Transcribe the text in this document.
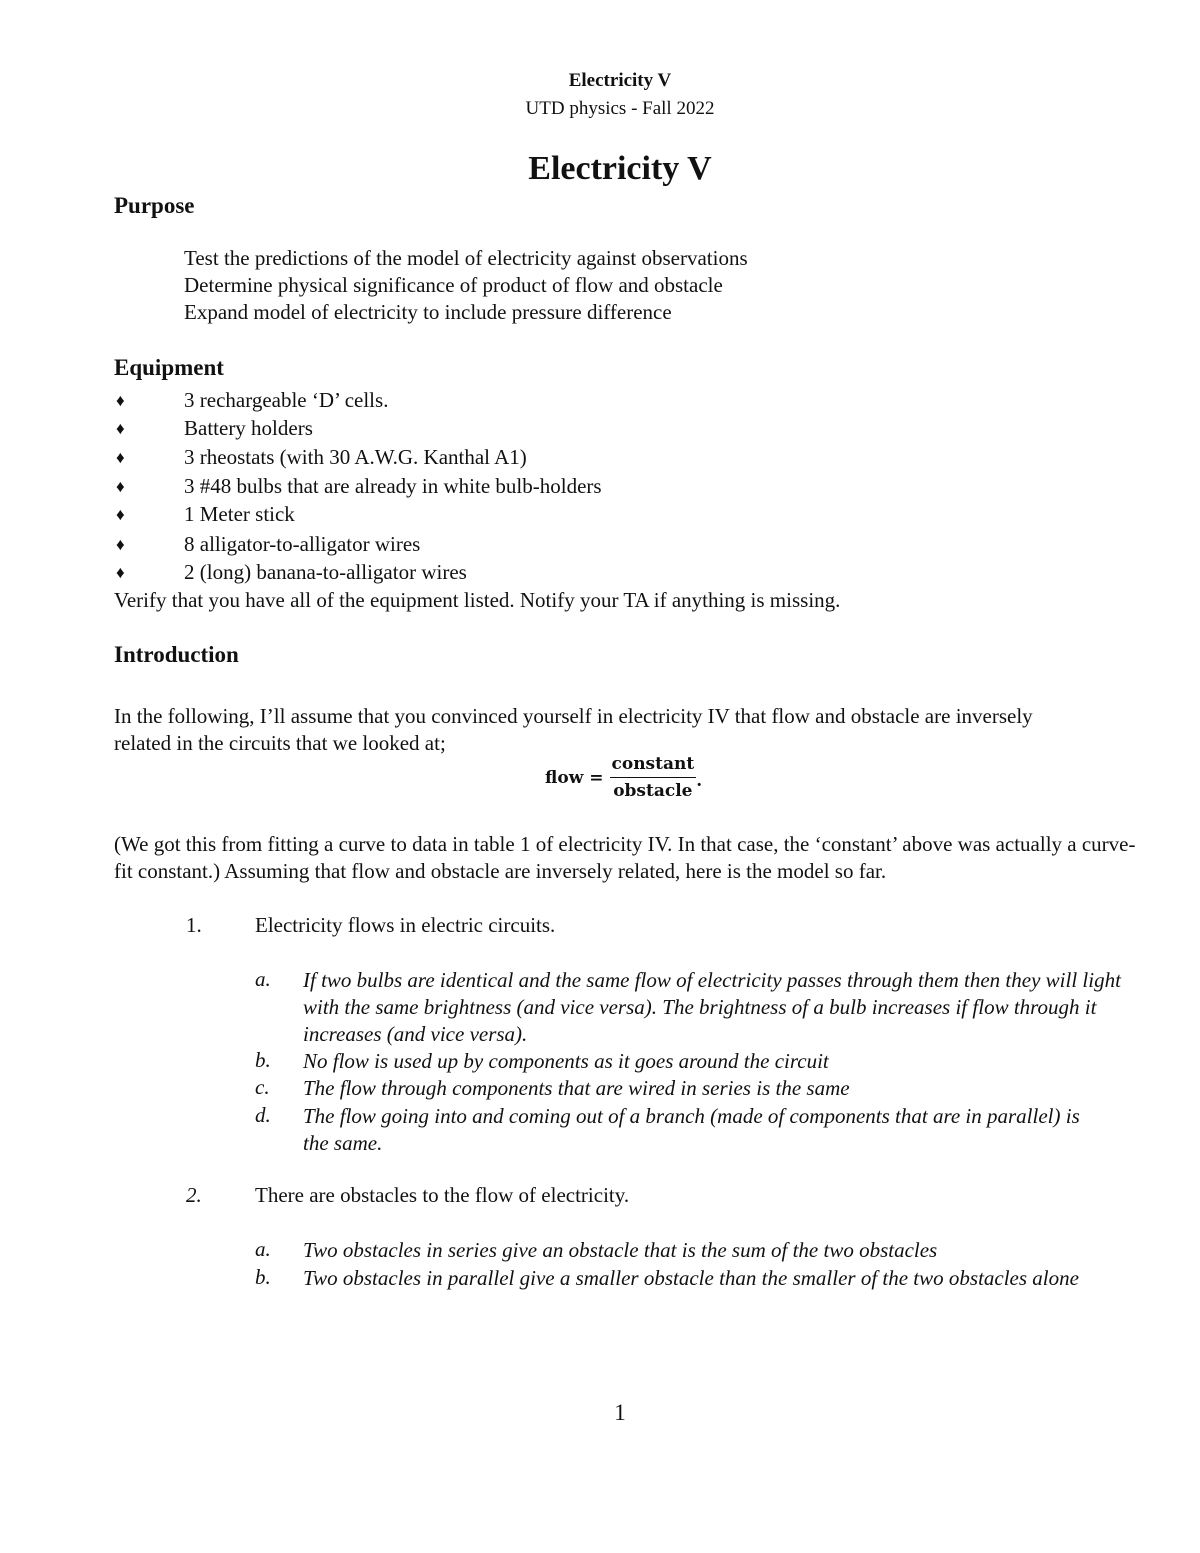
Electricity V
UTD physics - Fall 2022
Electricity V
Purpose
Test the predictions of the model of electricity against observations
Determine physical significance of product of flow and obstacle
Expand model of electricity to include pressure difference
Equipment
♦	3 rechargeable ‘D’ cells.
♦	Battery holders
♦	3 rheostats (with 30 A.W.G. Kanthal A1)
♦	3 #48 bulbs that are already in white bulb-holders
♦	1 Meter stick
♦	8 alligator-to-alligator wires
♦	2 (long) banana-to-alligator wires
Verify that you have all of the equipment listed. Notify your TA if anything is missing.
Introduction
In the following, I’ll assume that you convinced yourself in electricity IV that flow and obstacle are inversely related in the circuits that we looked at;
flow = $\frac{\text{constant}}{\text{obstacle}}$ .
(We got this from fitting a curve to data in table 1 of electricity IV. In that case, the ‘constant’ above was actually a curve-fit constant.) Assuming that flow and obstacle are inversely related, here is the model so far.
1.	Electricity flows in electric circuits.
a. If two bulbs are identical and the same flow of electricity passes through them then they will light with the same brightness (and vice versa). The brightness of a bulb increases if flow through it increases (and vice versa).
b. No flow is used up by components as it goes around the circuit
c. The flow through components that are wired in series is the same
d. The flow going into and coming out of a branch (made of components that are in parallel) is the same.
2.	There are obstacles to the flow of electricity.
a. Two obstacles in series give an obstacle that is the sum of the two obstacles
b. Two obstacles in parallel give a smaller obstacle than the smaller of the two obstacles alone
1
